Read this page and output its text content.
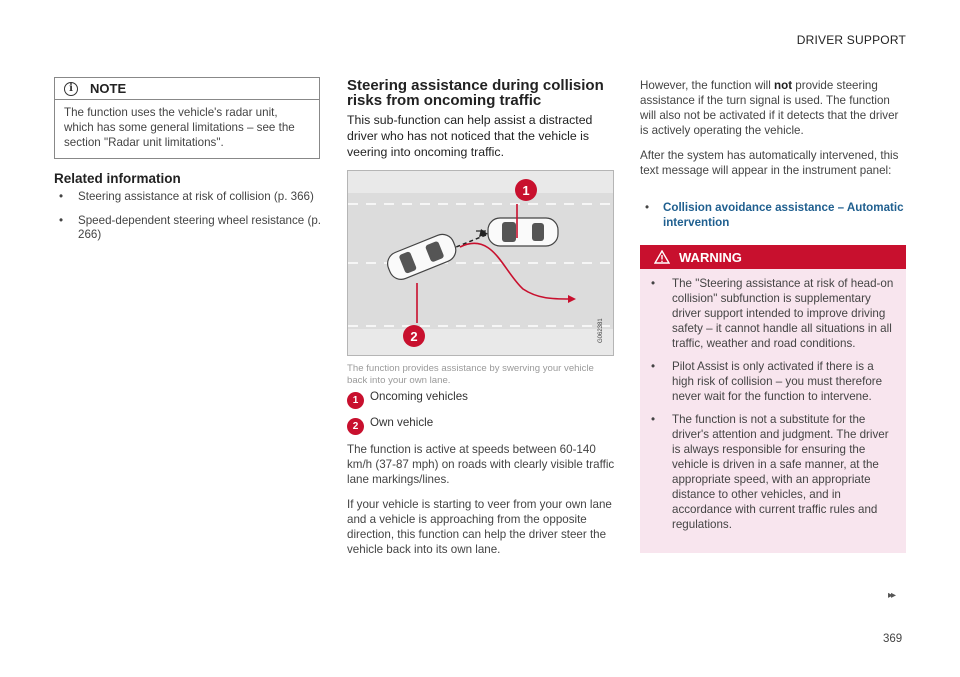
DRIVER SUPPORT
i	NOTE
The function uses the vehicle's radar unit, which has some general limitations – see the section "Radar unit limitations".
Related information
• Steering assistance at risk of collision (p. 366)
• Speed-dependent steering wheel resistance (p. 266)
Steering assistance during collision risks from oncoming traffic
This sub-function can help assist a distracted driver who has not noticed that the vehicle is veering into oncoming traffic.
1
2	G062381
The function provides assistance by swerving your vehicle back into your own lane.
1	Oncoming vehicles
2	Own vehicle
The function is active at speeds between 60-140 km/h (37-87 mph) on roads with clearly visible traffic lane markings/lines.
If your vehicle is starting to veer from your own lane and a vehicle is approaching from the opposite direction, this function can help the driver steer the vehicle back into its own lane.
However, the function will not provide steering assistance if the turn signal is used. The function will also not be activated if it detects that the driver is actively operating the vehicle.
After the system has automatically intervened, this text message will appear in the instrument panel:
• Collision avoidance assistance – Automatic intervention
WARNING
• The "Steering assistance at risk of head-on collision" subfunction is supplementary driver support intended to improve driving safety – it cannot handle all situations in all traffic, weather and road conditions.
• Pilot Assist is only activated if there is a high risk of collision – you must therefore never wait for the function to intervene.
• The function is not a substitute for the driver's attention and judgment. The driver is always responsible for ensuring the vehicle is driven in a safe manner, at the appropriate speed, with an appropriate distance to other vehicles, and in accordance with current traffic rules and regulations.
▸▸
369
